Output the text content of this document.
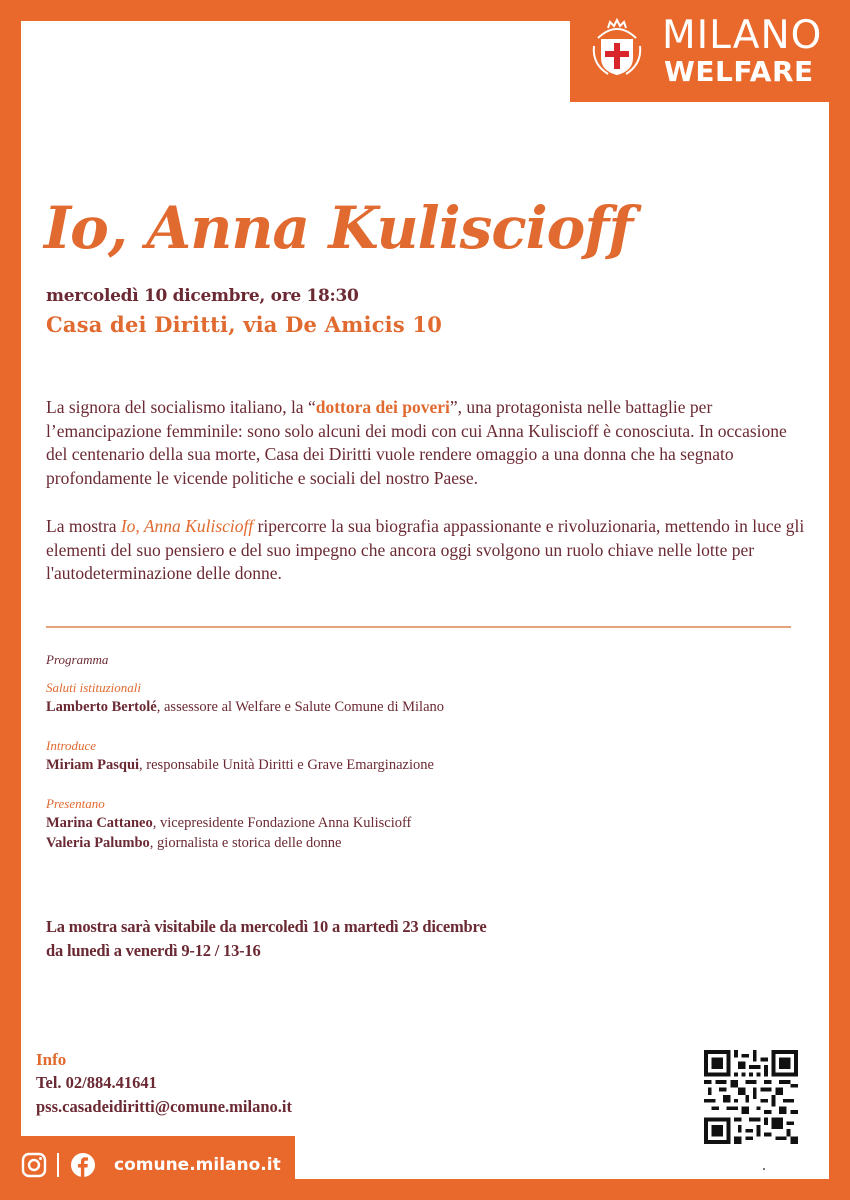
MILANO
WELFARE
Io, Anna Kuliscioff
mercoledì 10 dicembre, ore 18:30
Casa dei Diritti, via De Amicis 10
La signora del socialismo italiano, la “dottora dei poveri”, una protagonista nelle battaglie per l’emancipazione femminile: sono solo alcuni dei modi con cui Anna Kuliscioff è conosciuta. In occasione del centenario della sua morte, Casa dei Diritti vuole rendere omaggio a una donna che ha segnato profondamente le vicende politiche e sociali del nostro Paese.
La mostra Io, Anna Kuliscioff ripercorre la sua biografia appassionante e rivoluzionaria, mettendo in luce gli elementi del suo pensiero e del suo impegno che ancora oggi svolgono un ruolo chiave nelle lotte per l'autodeterminazione delle donne.
Programma
Saluti istituzionali
Lamberto Bertolé, assessore al Welfare e Salute Comune di Milano
Introduce
Miriam Pasqui, responsabile Unità Diritti e Grave Emarginazione
Presentano
Marina Cattaneo, vicepresidente Fondazione Anna Kuliscioff
Valeria Palumbo, giornalista e storica delle donne
La mostra sarà visitabile da mercoledì 10 a martedì 23 dicembre
da lunedì a venerdì 9-12 / 13-16
Info
Tel. 02/884.41641
pss.casadeidiritti@comune.milano.it
comune.milano.it
